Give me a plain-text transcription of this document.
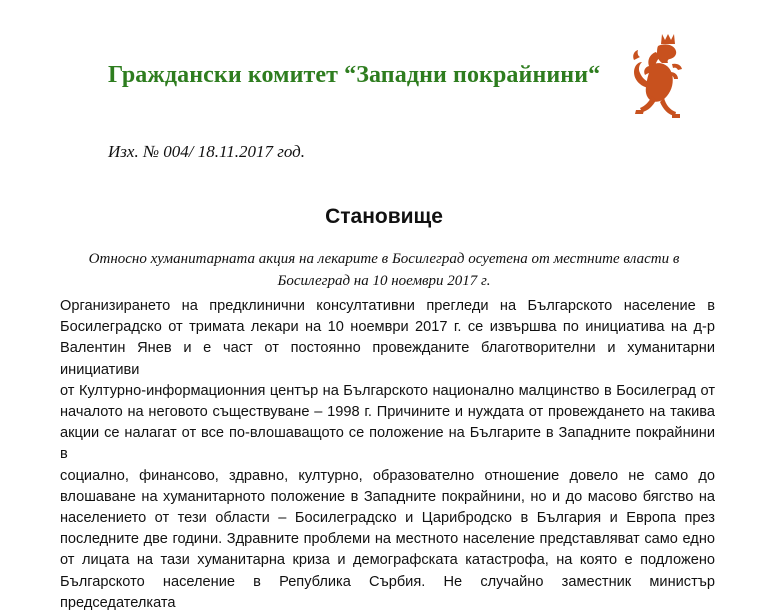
Граждански комитет “Западни покрайнини“
Изх. № 004/ 18.11.2017 год.
Становище
Относно хуманитарната акция на лекарите в Босилеград осуетена от местните власти в
Босилеград на 10 ноември 2017 г.
Организирането на предклинични консултативни прегледи на Българското население в
Босилеградско от тримата лекари на 10 ноември 2017 г. се извършва по инициатива на д-р
Валентин Янев и е част от постоянно провежданите благотворителни и хуманитарни инициативи
от Културно-информационния център на Българското национално малцинство в Босилеград от
началото на неговото съществуване – 1998 г. Причините и нуждата от провеждането на такива
акции се налагат от все по-влошаващото се положение на Българите в Западните покрайнини в
социално, финансово, здравно, културно, образователно отношение довело не само до
влошаване на хуманитарното положение в Западните покрайнини, но и до масово бягство на
населението от тези области – Босилеградско и Царибродско в България и Европа през
последните две години. Здравните проблеми на местното население представляват само едно
от лицата на тази хуманитарна криза и демографската катастрофа, на която е подложено
Българското население в Република Сърбия. Не случайно заместник министър председателката
